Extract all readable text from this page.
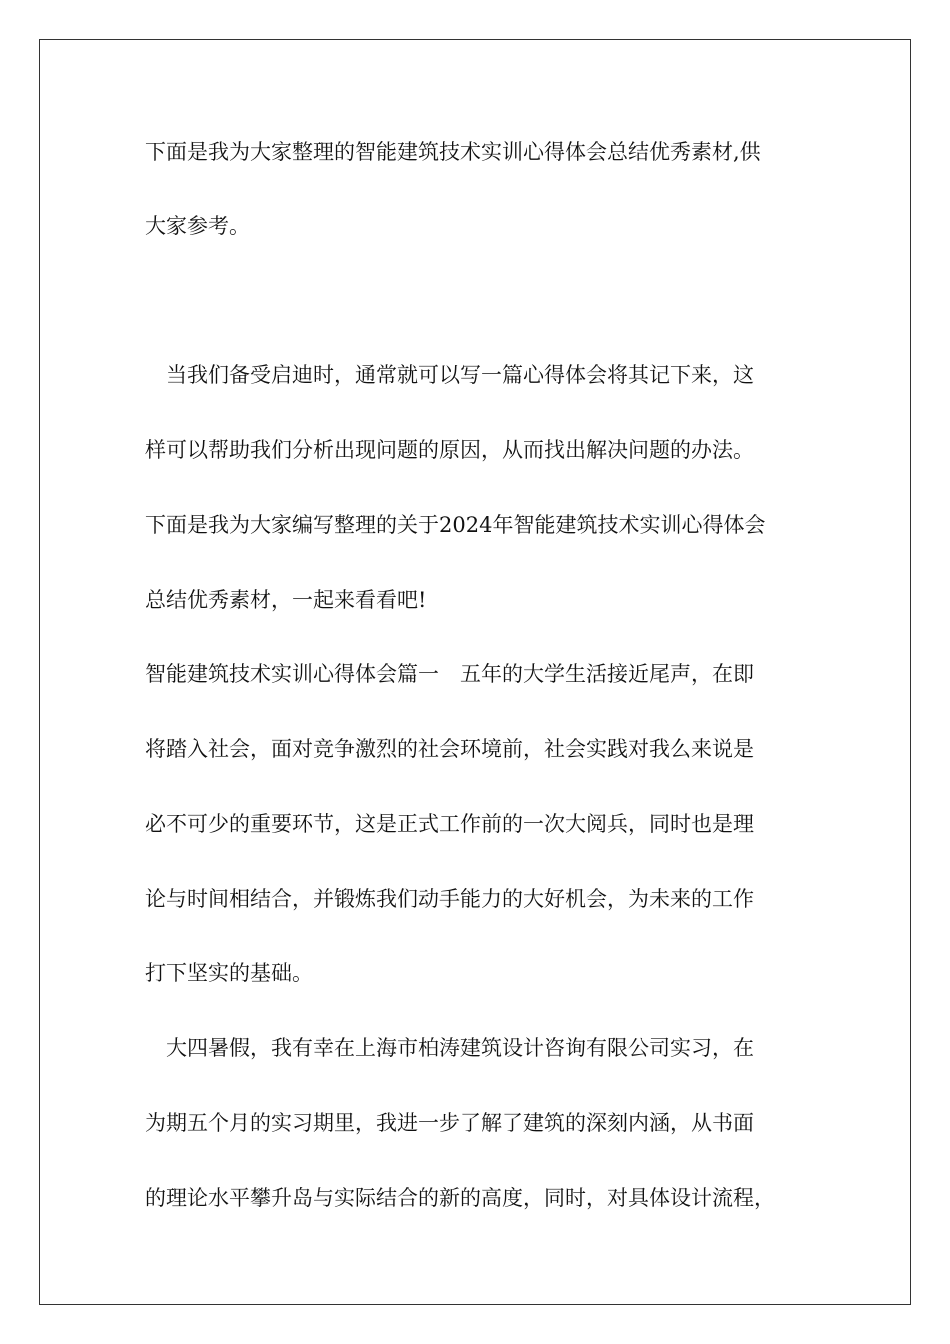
下面是我为大家整理的智能建筑技术实训心得体会总结优秀素材,供
大家参考。
　当我们备受启迪时，通常就可以写一篇心得体会将其记下来，这
样可以帮助我们分析出现问题的原因，从而找出解决问题的办法。
下面是我为大家编写整理的关于2024年智能建筑技术实训心得体会
总结优秀素材，一起来看看吧!
智能建筑技术实训心得体会篇一　五年的大学生活接近尾声，在即
将踏入社会，面对竞争激烈的社会环境前，社会实践对我么来说是
必不可少的重要环节，这是正式工作前的一次大阅兵，同时也是理
论与时间相结合，并锻炼我们动手能力的大好机会，为未来的工作
打下坚实的基础。
　大四暑假，我有幸在上海市柏涛建筑设计咨询有限公司实习，在
为期五个月的实习期里，我进一步了解了建筑的深刻内涵，从书面
的理论水平攀升岛与实际结合的新的高度，同时，对具体设计流程，
